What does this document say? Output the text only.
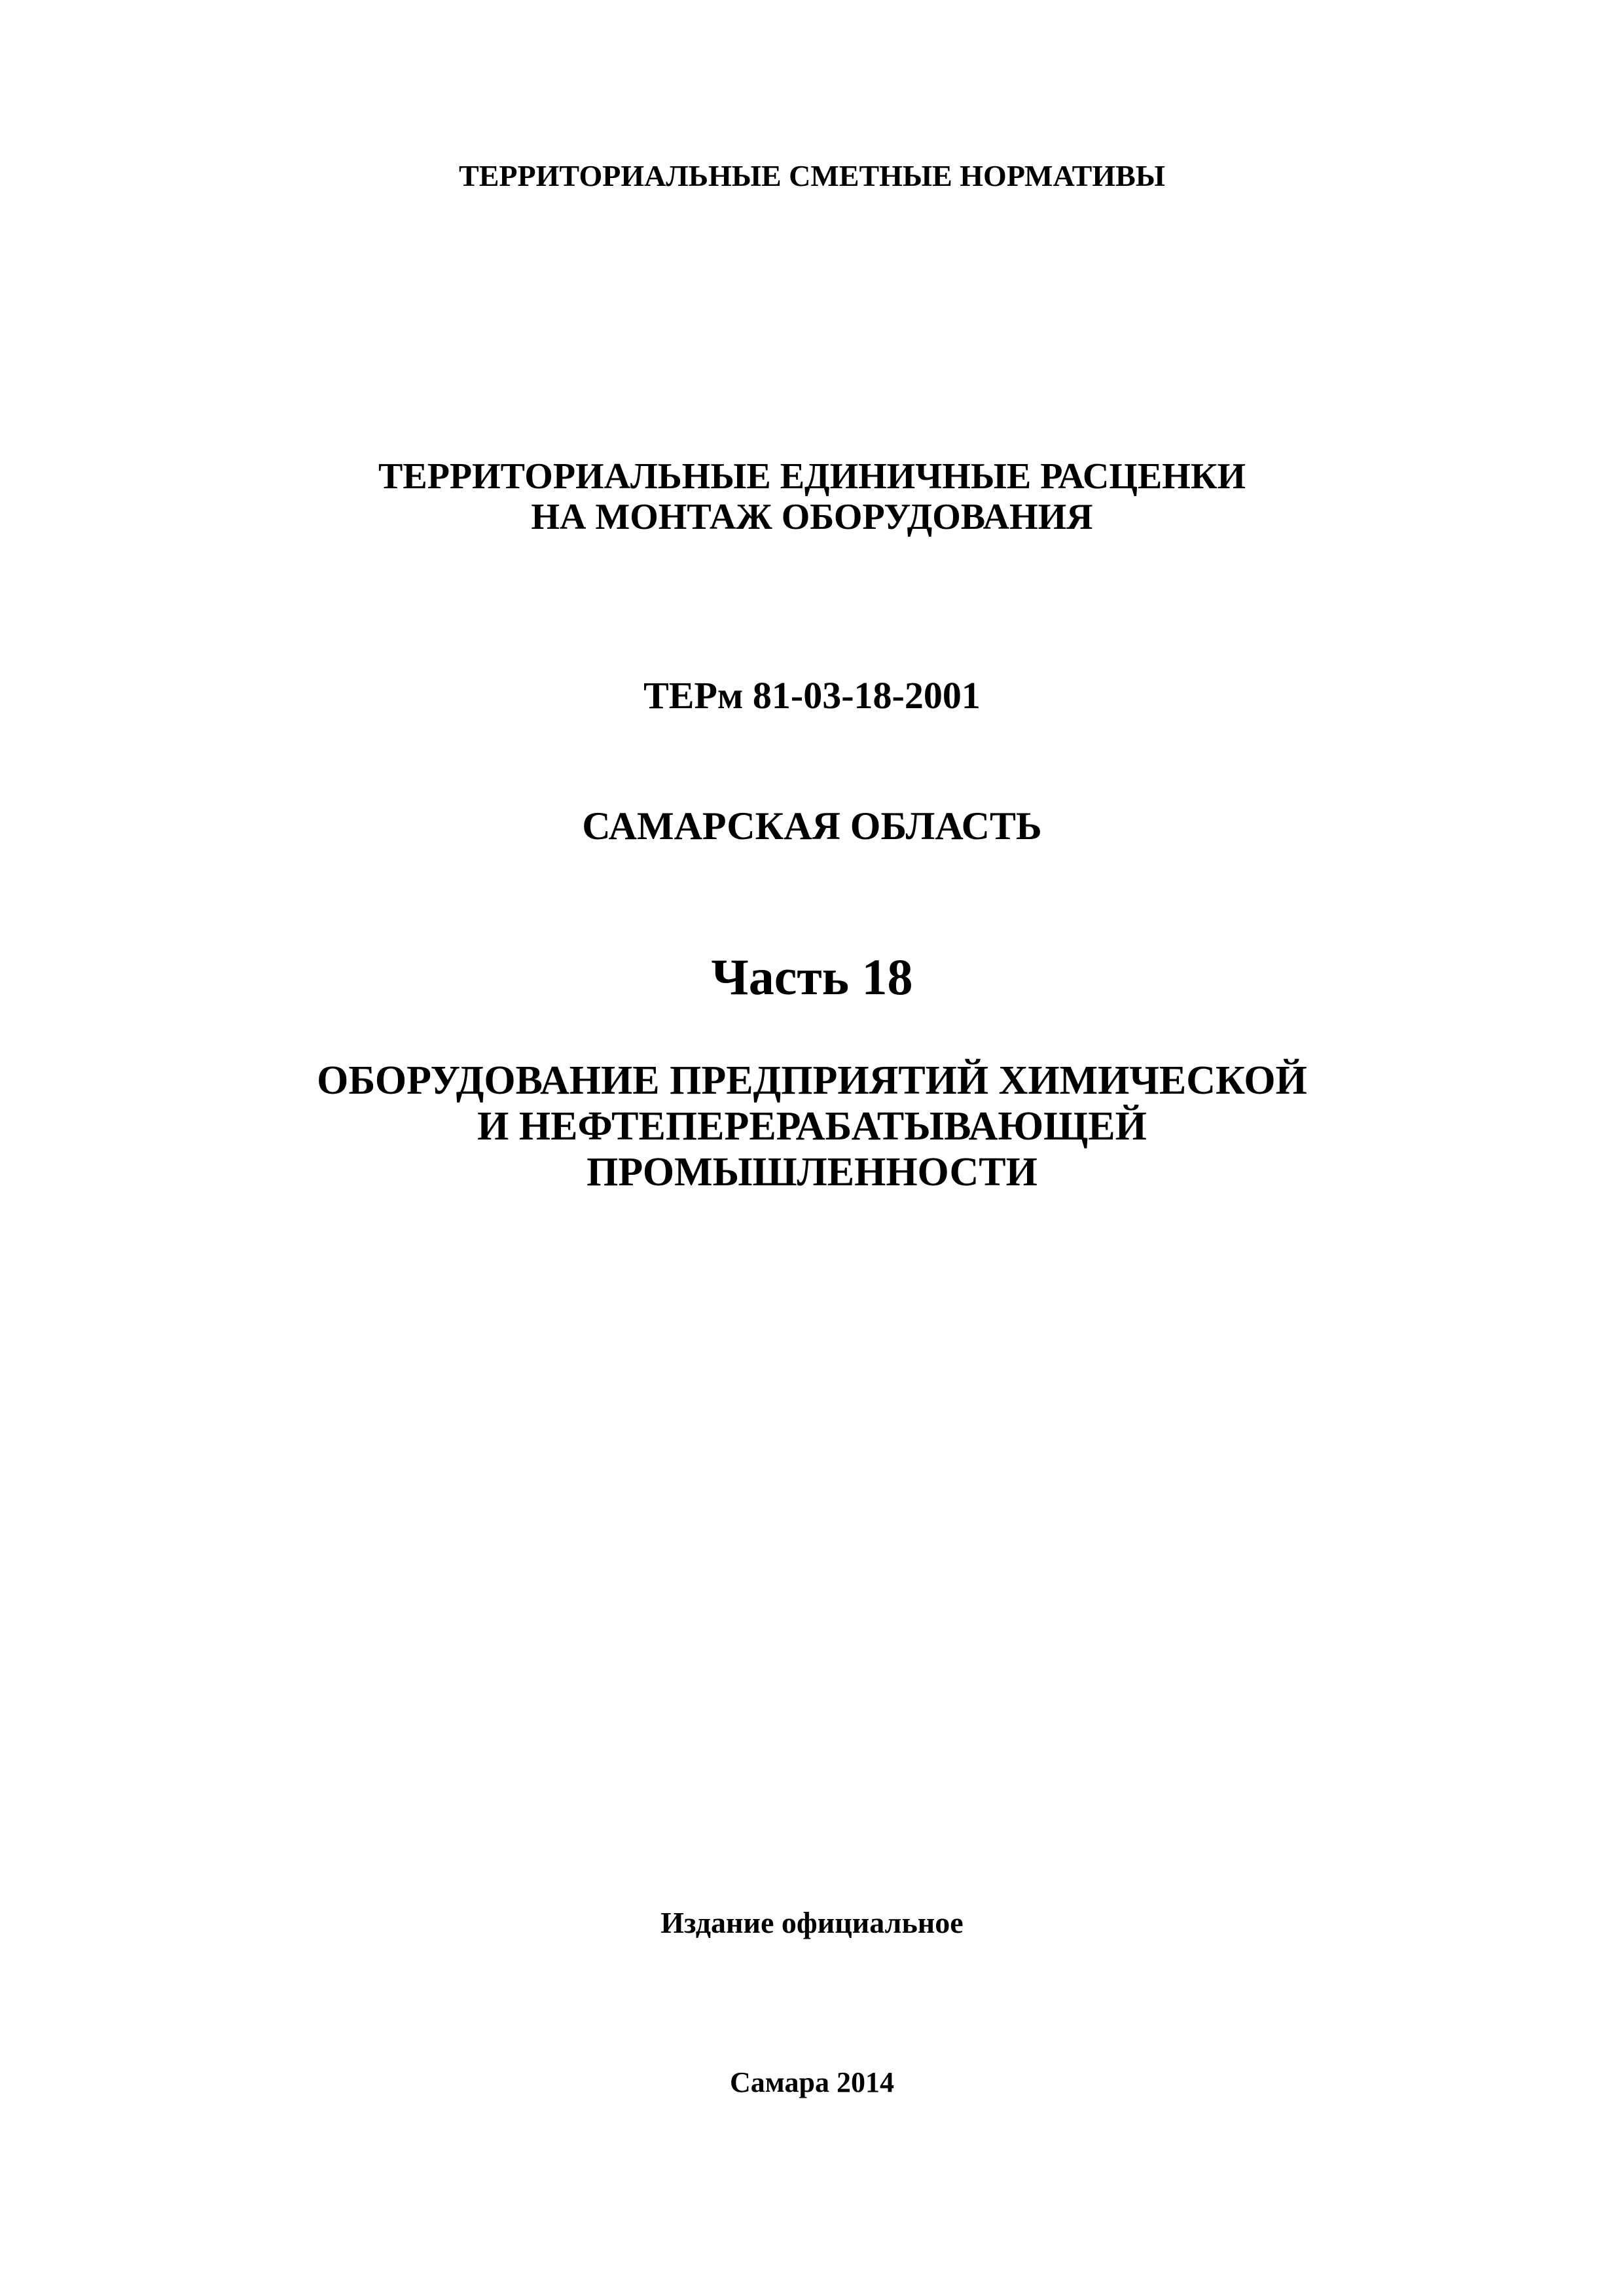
ТЕРРИТОРИАЛЬНЫЕ СМЕТНЫЕ НОРМАТИВЫ

ТЕРРИТОРИАЛЬНЫЕ ЕДИНИЧНЫЕ РАСЦЕНКИ

НА МОНТАЖ ОБОРУДОВАНИЯ

ТЕРм 81-03-18-2001

САМАРСКАЯ ОБЛАСТЬ

Часть 18

ОБОРУДОВАНИЕ ПРЕДПРИЯТИЙ ХИМИЧЕСКОЙ

И НЕФТЕПЕРЕРАБАТЫВАЮЩЕЙ

ПРОМЫШЛЕННОСТИ

Издание официальное

Самара 2014
